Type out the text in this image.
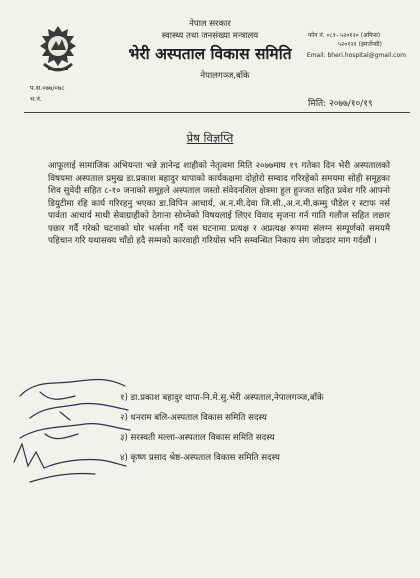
नेपाल सरकार
स्वास्थ्य तथा जनसंख्या मन्त्रालय
भेरी अस्पताल विकास समिति
नेपालगञ्ज,बाँके
फोन नं. ०८१- ५२०१२० (अफिस)
५२०१२१ (इमर्जेन्सी)
Email: bheri.hospital@gmail.com
प.स.०७७/०७८
च.नं.	मिति: २०७७/१०/१९
प्रेष विज्ञप्ति
आफूलाई सामाजिक अभियन्ता भन्ने ज्ञानेन्द्र शाहीको नेतृत्वमा मिति २०७७माघ १९ गतेका दिन भेरी अस्पतालको विषयमा अस्पताल प्रमुख डा.प्रकाश बहादुर थापाको कार्यकक्षमा दोहोरो सम्वाद गरिरहेको समयमा सोही समूहका शिव सुवेदी सहित ८-१० जनाको समूहले अस्पताल जस्तो संवेदनशिल क्षेत्रमा हुल हुज्जत सहित प्रवेश गरि आफ्नो डियुटीमा रहि कार्य गरिरहनु भएका डा.विपिन आचार्य, अ.न.मी.देवा जि.सी.,अ.न.मी.कम्मु पौडेल र स्टाफ नर्स पार्वता आचार्य माथी सेवाग्राहीको ठेगाना सोध्नेको विषयलाई लिएर विवाद सृजना गर्न गाति गलौज सहित लछार पछार गर्दै गरेको घटनाको घोर भर्त्सना गर्दै यस घटनामा प्रत्यक्ष र अप्रत्यक्ष रूपमा संलग्न सम्पूर्णको समयमै पहिचान गरि यथासक्य चाँडो हदै सम्मको कारवाही गरियोस भनि सम्वन्धित निकाय संग जोडदार माग गर्दछौं ।
१) डा.प्रकाश बहादुर थापा-नि.मे.सु.भेरी अस्पताल,नेपालगञ्ज,बाँके
२) धनराम बलि-अस्पताल विकास समिति सदस्य
३) सरस्वती मल्ला-अस्पताल विकास समिति सदस्य
४) कृष्ण प्रसाद श्रेष्ठ-अस्पताल विकास समिति सदस्य
